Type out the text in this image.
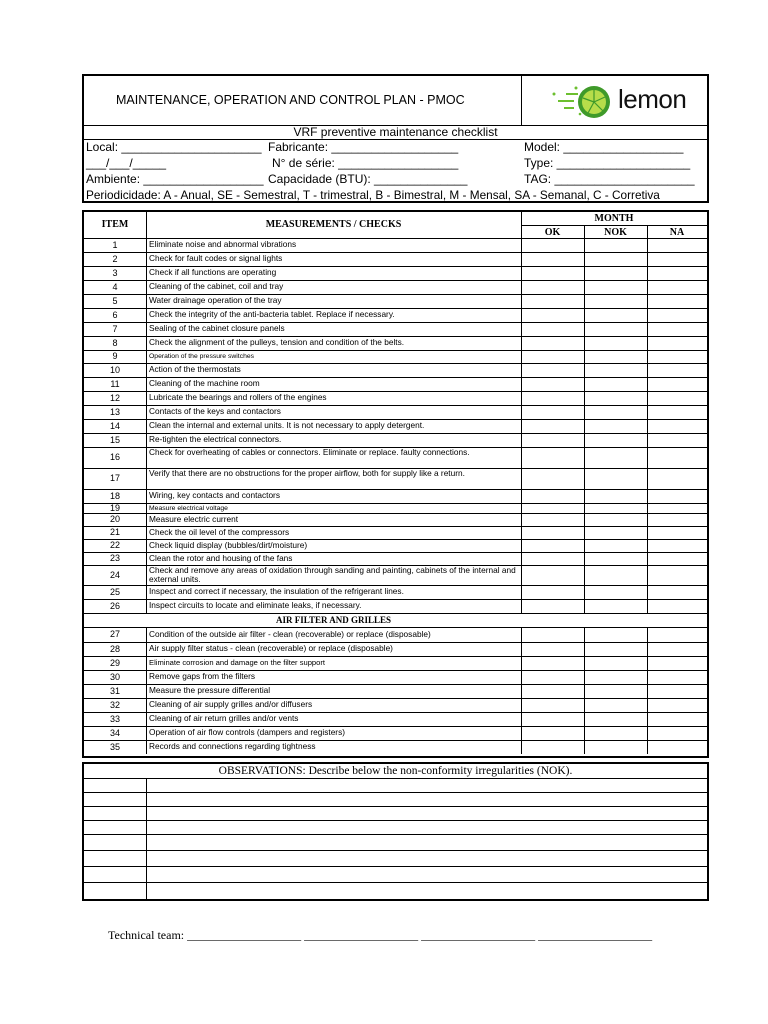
MAINTENANCE, OPERATION AND CONTROL PLAN - PMOC	lemon
VRF preventive maintenance checklist
Local: _____________________ Fabricante: ___________________	Model: __________________
___/___/_____	N° de série: __________________	Type: ____________________
Ambiente: __________________ Capacidade (BTU): ______________	TAG: _____________________
Periodicidade: A - Anual, SE - Semestral, T - trimestral, B - Bimestral, M - Mensal, SA - Semanal, C - Corretiva
ITEM	MEASUREMENTS / CHECKS
MONTH
OK	NOK	NA
1	Eliminate noise and abnormal vibrations
2	Check for fault codes or signal lights
3	Check if all functions are operating
4	Cleaning of the cabinet, coil and tray
5	Water drainage operation of the tray
6	Check the integrity of the anti-bacteria tablet. Replace if necessary.
7	Sealing of the cabinet closure panels
8	Check the alignment of the pulleys, tension and condition of the belts.
9	Operation of the pressure switches
10	Action of the thermostats
11	Cleaning of the machine room
12	Lubricate the bearings and rollers of the engines
13	Contacts of the keys and contactors
14	Clean the internal and external units. It is not necessary to apply detergent.
15	Re-tighten the electrical connectors.
16	Check for overheating of cables or connectors. Eliminate or replace. faulty connections.
17	Verify that there are no obstructions for the proper airflow, both for supply like a return.
18	Wiring, key contacts and contactors
19	Measure electrical voltage
20	Measure electric current
21	Check the oil level of the compressors
22	Check liquid display (bubbles/dirt/moisture)
23	Clean the rotor and housing of the fans
24	Check and remove any areas of oxidation through sanding and painting, cabinets of the internal and external units.
25	Inspect and correct if necessary, the insulation of the refrigerant lines.
26	Inspect circuits to locate and eliminate leaks, if necessary.
AIR FILTER AND GRILLES
27	Condition of the outside air filter - clean (recoverable) or replace (disposable)
28	Air supply filter status - clean (recoverable) or replace (disposable)
29	Eliminate corrosion and damage on the filter support
30	Remove gaps from the filters
31	Measure the pressure differential
32	Cleaning of air supply grilles and/or diffusers
33	Cleaning of air return grilles and/or vents
34	Operation of air flow controls (dampers and registers)
35	Records and connections regarding tightness
OBSERVATIONS: Describe below the non-conformity irregularities (NOK).
Technical team: ___________________ ___________________ ___________________ ___________________
